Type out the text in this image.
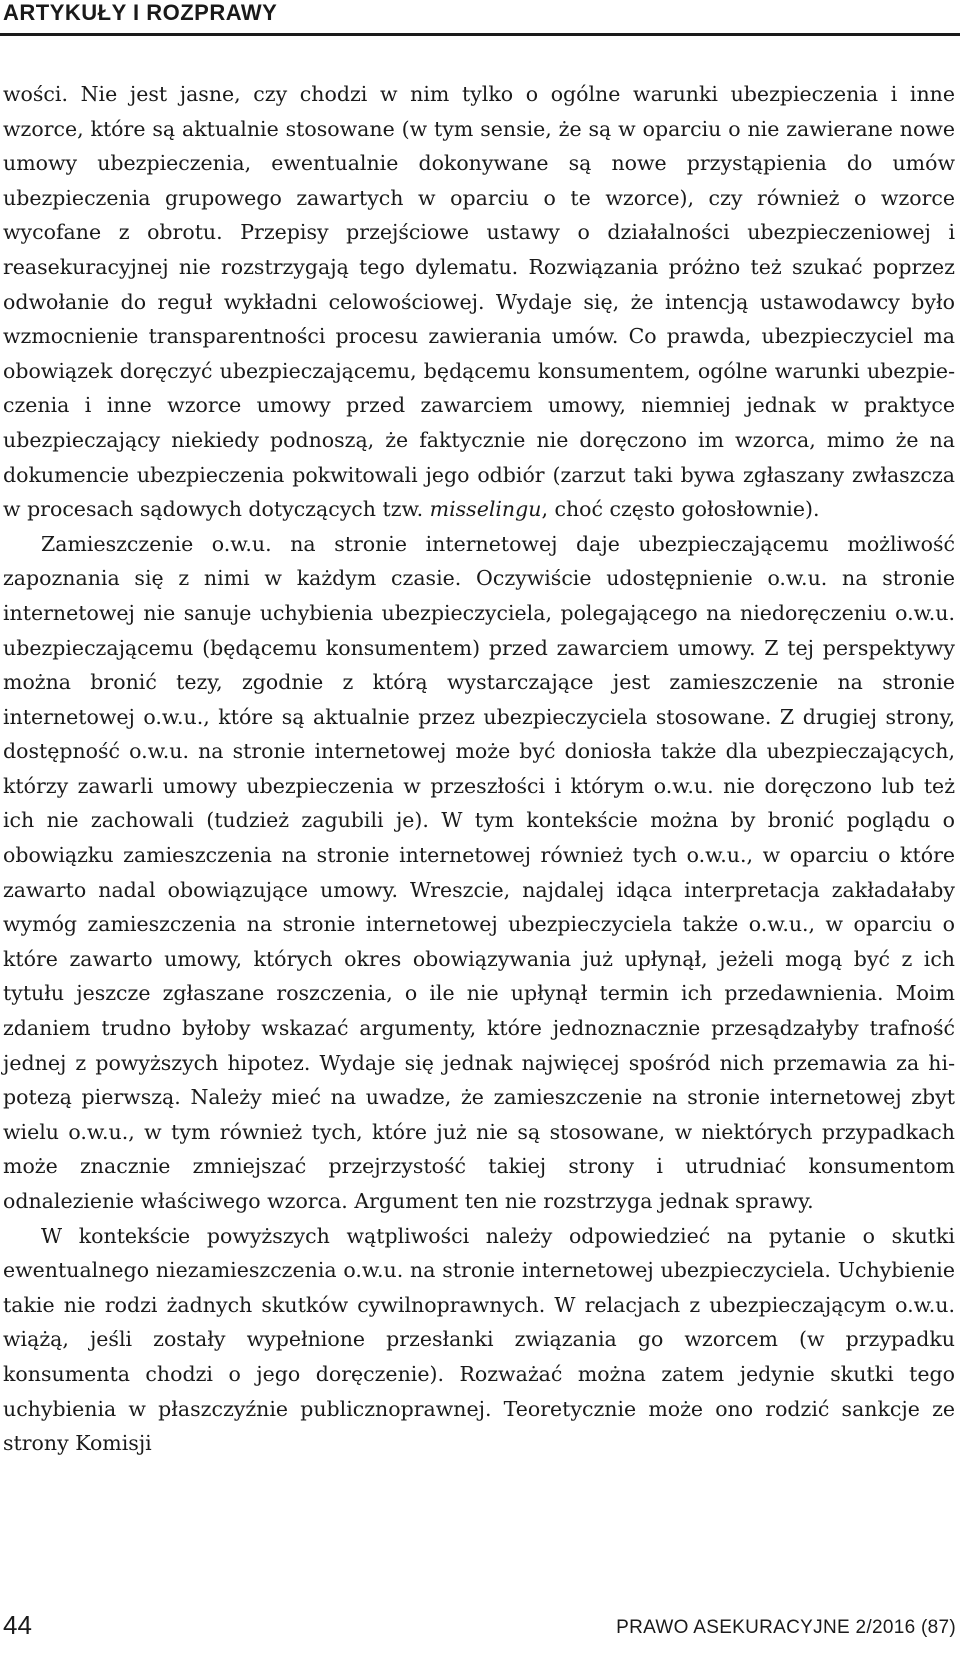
ARTYKUŁY I ROZPRAWY

wości. Nie jest jasne, czy chodzi w nim tylko o ogólne warunki ubezpieczenia i inne wzorce, które są aktualnie stosowane (w tym sensie, że są w oparciu o nie zawierane nowe umowy ubezpieczenia, ewentualnie dokonywane są nowe przystąpienia do umów ubezpieczenia grupowego zawartych w oparciu o te wzorce), czy również o wzorce wycofane z obrotu. Przepisy przejściowe ustawy o działalności ubezpieczeniowej i reasekuracyjnej nie rozstrzygają tego dylematu. Rozwiązania próżno też szukać poprzez odwołanie do reguł wykładni celowościowej. Wydaje się, że intencją ustawodawcy było wzmocnienie transparentności procesu zawierania umów. Co prawda, ubezpieczyciel ma obowiązek doręczyć ubezpieczającemu, będącemu konsumentem, ogólne warunki ubezpieczenia i inne wzorce umowy przed zawarciem umowy, niemniej jednak w praktyce ubezpieczający niekiedy podnoszą, że faktycznie nie doręczono im wzorca, mimo że na dokumencie ubezpieczenia pokwitowali jego odbiór (zarzut taki bywa zgłaszany zwłaszcza w procesach sądowych dotyczących tzw. misselingu, choć często gołosłownie).

Zamieszczenie o.w.u. na stronie internetowej daje ubezpieczającemu możliwość zapoznania się z nimi w każdym czasie. Oczywiście udostępnienie o.w.u. na stronie internetowej nie sanuje uchybienia ubezpieczyciela, polegającego na niedoręczeniu o.w.u. ubezpieczającemu (będącemu konsumentem) przed zawarciem umowy. Z tej perspektywy można bronić tezy, zgodnie z którą wystarczające jest zamieszczenie na stronie internetowej o.w.u., które są aktualnie przez ubezpieczyciela stosowane. Z drugiej strony, dostępność o.w.u. na stronie internetowej może być doniosła także dla ubezpieczających, którzy zawarli umowy ubezpieczenia w przeszłości i którym o.w.u. nie doręczono lub też ich nie zachowali (tudzież zagubili je). W tym kontekście można by bronić poglądu o obowiązku zamieszczenia na stronie internetowej również tych o.w.u., w oparciu o które zawarto nadal obowiązujące umowy. Wreszcie, najdalej idąca interpretacja zakładałaby wymóg zamieszczenia na stronie internetowej ubezpieczyciela także o.w.u., w oparciu o które zawarto umowy, których okres obowiązywania już upłynął, jeżeli mogą być z ich tytułu jeszcze zgłaszane roszczenia, o ile nie upłynął termin ich przedawnienia. Moim zdaniem trudno byłoby wskazać argumenty, które jednoznacznie przesądzałyby trafność jednej z powyższych hipotez. Wydaje się jednak najwięcej spośród nich przemawia za hipotezą pierwszą. Należy mieć na uwadze, że zamieszczenie na stronie internetowej zbyt wielu o.w.u., w tym również tych, które już nie są stosowane, w niektórych przypadkach może znacznie zmniejszać przejrzystość takiej strony i utrudniać konsumentom odnalezienie właściwego wzorca. Argument ten nie rozstrzyga jednak sprawy.

W kontekście powyższych wątpliwości należy odpowiedzieć na pytanie o skutki ewentualnego niezamieszczenia o.w.u. na stronie internetowej ubezpieczyciela. Uchybienie takie nie rodzi żadnych skutków cywilnoprawnych. W relacjach z ubezpieczającym o.w.u. wiążą, jeśli zostały wypełnione przesłanki związania go wzorcem (w przypadku konsumenta chodzi o jego doręczenie). Rozważać można zatem jedynie skutki tego uchybienia w płaszczyźnie publicznoprawnej. Teoretycznie może ono rodzić sankcje ze strony Komisji

44	PRAWO ASEKURACYJNE 2/2016 (87)
